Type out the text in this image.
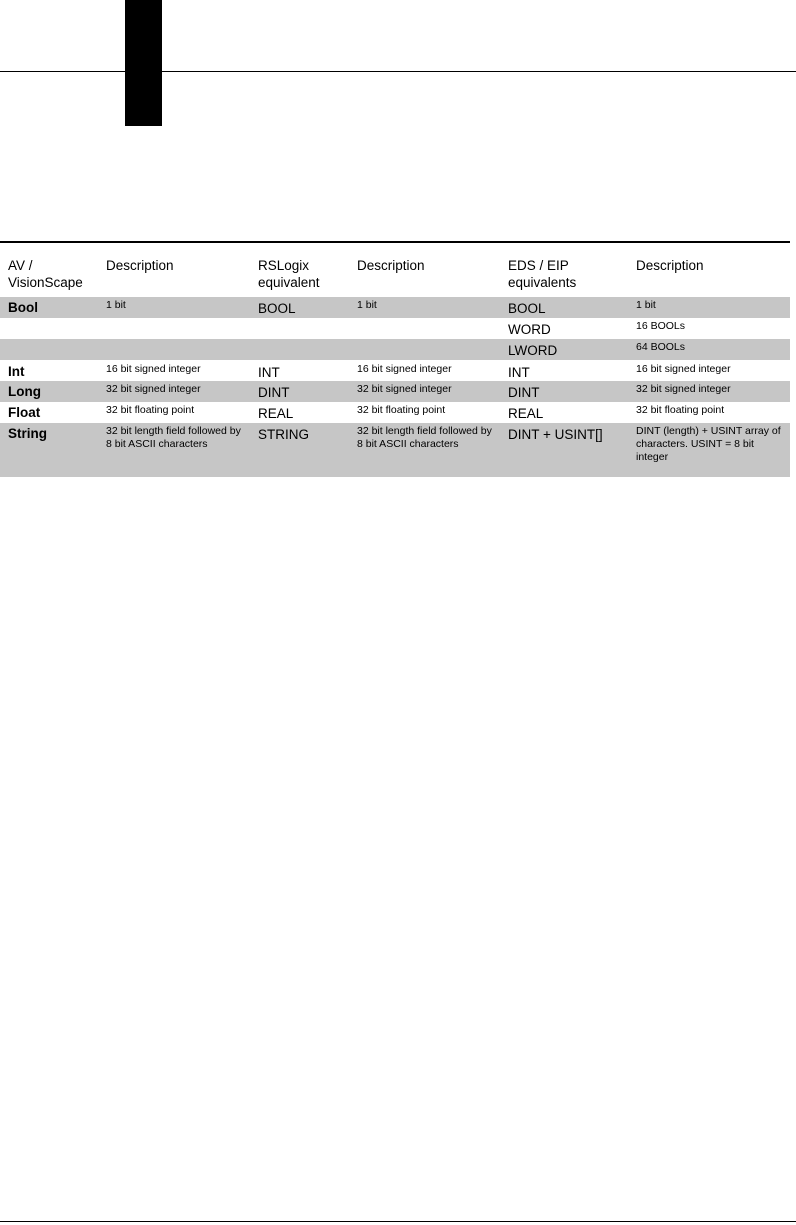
AV / VisionScape	Description	RSLogix equivalent	Description	EDS / EIP equivalents	Description
Bool	1 bit	BOOL	1 bit	BOOL	1 bit
				WORD	16 BOOLs
				LWORD	64 BOOLs
Int	16 bit signed integer	INT	16 bit signed integer	INT	16 bit signed integer
Long	32 bit signed integer	DINT	32 bit signed integer	DINT	32 bit signed integer
Float	32 bit floating point	REAL	32 bit floating point	REAL	32 bit floating point
String	32 bit length field followed by 8 bit ASCII characters	STRING	32 bit length field followed by 8 bit ASCII characters	DINT + USINT[]	DINT (length) + USINT array of characters. USINT = 8 bit integer
